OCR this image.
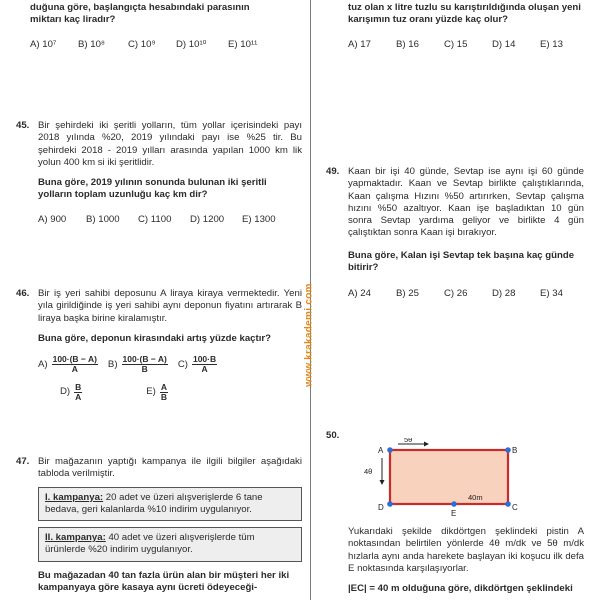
www.krakademi.com
duğuna göre, başlangıçta hesabındaki parasının
miktarı kaç liradır?
A) 10⁷	B) 10⁸	C) 10⁹	D) 10¹⁰	E) 10¹¹
45. Bir şehirdeki iki şeritli yolların, tüm yollar içerisindeki payı 2018 yılında %20, 2019 yılındaki payı ise %25 tir. Bu şehirdeki 2018 - 2019 yılları arasında yapılan 1000 km lik yolun 400 km si iki şeritlidir.
Buna göre, 2019 yılının sonunda bulunan iki şeritli yolların toplam uzunluğu kaç km dir?
A) 900	B) 1000	C) 1100	D) 1200	E) 1300
46. Bir iş yeri sahibi deposunu A liraya kiraya vermektedir. Yeni yıla girildiğinde iş yeri sahibi aynı deponun fiyatını artırarak B liraya başka birine kiralamıştır.
Buna göre, deponun kirasındaki artış yüzde kaçtır?
$A) \frac{100\cdot(B - A)}{A} B) \frac{100\cdot(B - A)}{B} C) \frac{100\cdot B}{A}$
$D) \frac{B}{A}$	$E) \frac{A}{B}$
47. Bir mağazanın yaptığı kampanya ile ilgili bilgiler aşağıdaki tabloda verilmiştir.
I. kampanya: 20 adet ve üzeri alışverişlerde 6 tane bedava, geri kalanlarda %10 indirim uygulanıyor.
II. kampanya: 40 adet ve üzeri alışverişlerde tüm ürünlerde %20 indirim uygulanıyor.
Bu mağazadan 40 tan fazla ürün alan bir müşteri her iki kampanyaya göre kasaya aynı ücreti ödeyeceği-
tuz olan x litre tuzlu su karıştırıldığında oluşan yeni
karışımın tuz oranı yüzde kaç olur?
A) 17	B) 16	C) 15	D) 14	E) 13
49. Kaan bir işi 40 günde, Sevtap ise aynı işi 60 günde yapmaktadır. Kaan ve Sevtap birlikte çalıştıklarında, Kaan çalışma Hızını %50 artırırken, Sevtap çalışma hızını %50 azaltıyor. Kaan işe başladıktan 10 gün sonra Sevtap yardıma geliyor ve birlikte 4 gün çalıştıktan sonra Kaan işi bırakıyor.
Buna göre, Kalan işi Sevtap tek başına kaç günde bitirir?
A) 24	B) 25	C) 26	D) 28	E) 34
50.
A	B
C
D
E
5θ
4θ
40m
Yukarıdaki şekilde dikdörtgen şeklindeki pistin A noktasından belirtilen yönlerde 4θ m/dk ve 5θ m/dk hızlarla aynı anda harekete başlayan iki koşucu ilk defa E noktasında karşılaşıyorlar.
|EC| = 40 m olduğuna göre, dikdörtgen şeklindeki
